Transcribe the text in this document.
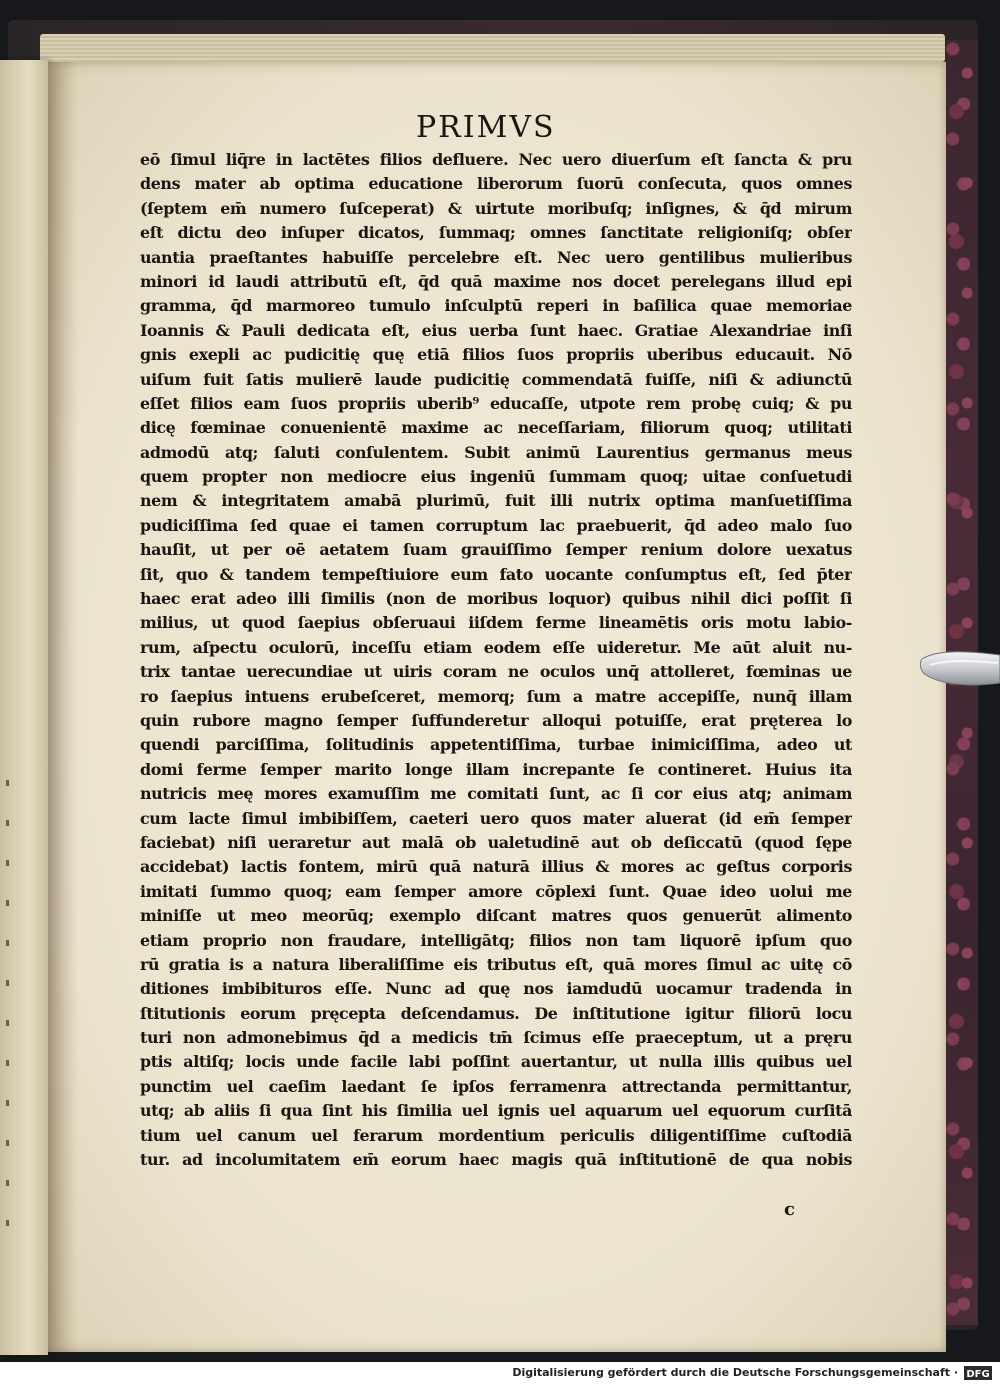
PRIMVS
eō ſimul liq̄re in lactētes filios defluere. Nec uero diuerſum eſt ſancta & pru
dens mater ab optima educatione liberorum ſuorū conſecuta, quos omnes
(ſeptem em̄ numero ſuſceperat) & uirtute moribuſq; inſignes, & q̄d mirum
eſt dictu deo inſuper dicatos, ſummaq; omnes ſanctitate religioniſq; obſer
uantia praeſtantes habuiſſe percelebre eſt. Nec uero gentilibus mulieribus
minori id laudi attributū eſt, q̄d quā maxime nos docet perelegans illud epi
gramma, q̄d marmoreo tumulo inſculptū reperi in baſilica quae memoriae
Ioannis & Pauli dedicata eſt, eius uerba ſunt haec. Gratiae Alexandriae inſi
gnis exepli ac pudicitię quę etiā filios ſuos propriis uberibus educauit. Nō
uiſum fuit ſatis mulierē laude pudicitię commendatā fuiſſe, niſi & adiunctū
eſſet filios eam ſuos propriis uberib⁹ educaſſe, utpote rem probę cuiq; & pu
dicę fœminae conuenientē maxime ac neceſſariam, filiorum quoq; utilitati
admodū atq; ſaluti conſulentem. Subit animū Laurentius germanus meus
quem propter non mediocre eius ingeniū ſummam quoq; uitae conſuetudi
nem & integritatem amabā plurimū, fuit illi nutrix optima manſuetiſſima
pudiciſſima ſed quae ei tamen corruptum lac praebuerit, q̄d adeo malo ſuo
hauſit, ut per oē aetatem ſuam grauiſſimo ſemper renium dolore uexatus
ſit, quo & tandem tempeſtiuiore eum fato uocante conſumptus eſt, ſed p̄ter
haec erat adeo illi ſimilis (non de moribus loquor) quibus nihil dici poſſit ſi
milius, ut quod ſaepius obſeruaui iiſdem ferme lineamētis oris motu labio-
rum, aſpectu oculorū, inceſſu etiam eodem eſſe uideretur. Me aūt aluit nu-
trix tantae uerecundiae ut uiris coram ne oculos unq̄ attolleret, fœminas ue
ro ſaepius intuens erubeſceret, memorq; ſum a matre accepiſſe, nunq̄ illam
quin rubore magno ſemper ſuffunderetur alloqui potuiſſe, erat pręterea lo
quendi parciſſima, ſolitudinis appetentiſſima, turbae inimiciſſima, adeo ut
domi ferme ſemper marito longe illam increpante ſe contineret. Huius ita
nutricis meę mores examuſſim me comitati ſunt, ac ſi cor eius atq; animam
cum lacte ſimul imbibiſſem, caeteri uero quos mater aluerat (id em̄ ſemper
faciebat) niſi ueraretur aut malā ob ualetudinē aut ob deſiccatū (quod ſępe
accidebat) lactis fontem, mirū quā naturā illius & mores ac geſtus corporis
imitati ſummo quoq; eam ſemper amore cōplexi ſunt. Quae ideo uolui me
miniſſe ut meo meorūq; exemplo diſcant matres quos genuerūt alimento
etiam proprio non fraudare, intelligātq; filios non tam liquorē ipſum quo
rū gratia is a natura liberaliſſime eis tributus eſt, quā mores ſimul ac uitę cō
ditiones imbibituros eſſe. Nunc ad quę nos iamdudū uocamur tradenda in
ſtitutionis eorum pręcepta deſcendamus. De inſtitutione igitur filiorū locu
turi non admonebimus q̄d a medicis tm̄ ſcimus eſſe praeceptum, ut a pręru
ptis altiſq; locis unde facile labi poſſint auertantur, ut nulla illis quibus uel
punctim uel caeſim laedant ſe ipſos ferramenra attrectanda permittantur,
utq; ab aliis ſi qua ſint his ſimilia uel ignis uel aquarum uel equorum curſitā
tium uel canum uel ferarum mordentium periculis diligentiſſime cuſtodiā
tur. ad incolumitatem em̄ eorum haec magis quā inſtitutionē de qua nobis
c
Digitalisierung gefördert durch die Deutsche Forschungsgemeinschaft · DFG
